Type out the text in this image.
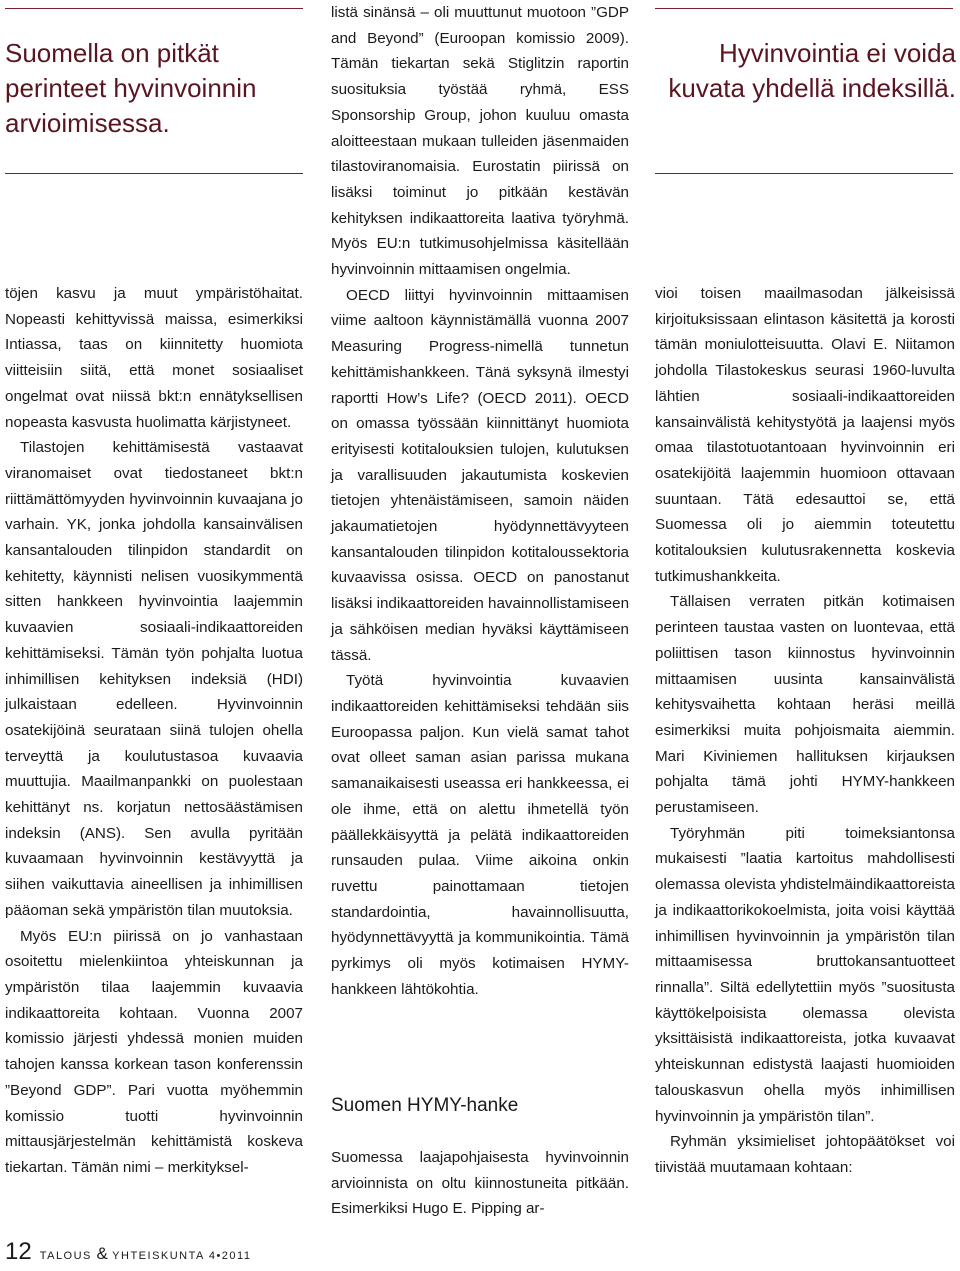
Suomella on pitkät perinteet hyvinvoinnin arvioimisessa.

töjen kasvu ja muut ympäristöhaitat. Nopeasti kehittyvissä maissa, esimerkiksi Intiassa, taas on kiinnitetty huomiota viitteisiin siitä, että monet sosiaaliset ongelmat ovat niissä bkt:n ennätyksellisen nopeasta kasvusta huolimatta kärjistyneet.

Tilastojen kehittämisestä vastaavat viranomaiset ovat tiedostaneet bkt:n riittämättömyyden hyvinvoinnin kuvaajana jo varhain. YK, jonka johdolla kansainvälisen kansantalouden tilinpidon standardit on kehitetty, käynnisti nelisen vuosikymmentä sitten hankkeen hyvinvointia laajemmin kuvaavien sosiaali-indikaattoreiden kehittämiseksi. Tämän työn pohjalta luotua inhimillisen kehityksen indeksiä (HDI) julkaistaan edelleen. Hyvinvoinnin osatekijöinä seurataan siinä tulojen ohella terveyttä ja koulutustasoa kuvaavia muuttujia. Maailmanpankki on puolestaan kehittänyt ns. korjatun nettosäästämisen indeksin (ANS). Sen avulla pyritään kuvaamaan hyvinvoinnin kestävyyttä ja siihen vaikuttavia aineellisen ja inhimillisen pääoman sekä ympäristön tilan muutoksia.

Myös EU:n piirissä on jo vanhastaan osoitettu mielenkiintoa yhteiskunnan ja ympäristön tilaa laajemmin kuvaavia indikaattoreita kohtaan. Vuonna 2007 komissio järjesti yhdessä monien muiden tahojen kanssa korkean tason konferenssin ”Beyond GDP”. Pari vuotta myöhemmin komissio tuotti hyvinvoinnin mittausjärjestelmän kehittämistä koskeva tiekartan. Tämän nimi – merkityksel-

listä sinänsä – oli muuttunut muotoon ”GDP and Beyond” (Euroopan komissio 2009). Tämän tiekartan sekä Stiglitzin raportin suosituksia työstää ryhmä, ESS Sponsorship Group, johon kuuluu omasta aloitteestaan mukaan tulleiden jäsenmaiden tilastoviranomaisia. Eurostatin piirissä on lisäksi toiminut jo pitkään kestävän kehityksen indikaattoreita laativa työryhmä. Myös EU:n tutkimusohjelmissa käsitellään hyvinvoinnin mittaamisen ongelmia.

OECD liittyi hyvinvoinnin mittaamisen viime aaltoon käynnistämällä vuonna 2007 Measuring Progress-nimellä tunnetun kehittämishankkeen. Tänä syksynä ilmestyi raportti How’s Life? (OECD 2011). OECD on omassa työssään kiinnittänyt huomiota erityisesti kotitalouksien tulojen, kulutuksen ja varallisuuden jakautumista koskevien tietojen yhtenäistämiseen, samoin näiden jakaumatietojen hyödynnettävyyteen kansantalouden tilinpidon kotitaloussektoria kuvaavissa osissa. OECD on panostanut lisäksi indikaattoreiden havainnollistamiseen ja sähköisen median hyväksi käyttämiseen tässä.

Työtä hyvinvointia kuvaavien indikaattoreiden kehittämiseksi tehdään siis Euroopassa paljon. Kun vielä samat tahot ovat olleet saman asian parissa mukana samanaikaisesti useassa eri hankkeessa, ei ole ihme, että on alettu ihmetellä työn päällekkäisyyttä ja pelätä indikaattoreiden runsauden pulaa. Viime aikoina onkin ruvettu painottamaan tietojen standardointia, havainnollisuutta, hyödynnettävyyttä ja kommunikointia. Tämä pyrkimys oli myös kotimaisen HYMY-hankkeen lähtökohtia.

Suomen HYMY-hanke

Suomessa laajapohjaisesta hyvinvoinnin arvioinnista on oltu kiinnostuneita pitkään. Esimerkiksi Hugo E. Pipping ar-

Hyvinvointia ei voida kuvata yhdellä indeksillä.

vioi toisen maailmasodan jälkeisissä kirjoituksissaan elintason käsitettä ja korosti tämän moniulotteisuutta. Olavi E. Niitamon johdolla Tilastokeskus seurasi 1960-luvulta lähtien sosiaali-indikaattoreiden kansainvälistä kehitystyötä ja laajensi myös omaa tilastotuotantoaan hyvinvoinnin eri osatekijöitä laajemmin huomioon ottavaan suuntaan. Tätä edesauttoi se, että Suomessa oli jo aiemmin toteutettu kotitalouksien kulutusrakennetta koskevia tutkimushankkeita.

Tällaisen verraten pitkän kotimaisen perinteen taustaa vasten on luontevaa, että poliittisen tason kiinnostus hyvinvoinnin mittaamisen uusinta kansainvälistä kehitysvaihetta kohtaan heräsi meillä esimerkiksi muita pohjoismaita aiemmin. Mari Kiviniemen hallituksen kirjauksen pohjalta tämä johti HYMY-hankkeen perustamiseen.

Työryhmän piti toimeksiantonsa mukaisesti ”laatia kartoitus mahdollisesti olemassa olevista yhdistelmäindikaattoreista ja indikaattorikokoelmista, joita voisi käyttää inhimillisen hyvinvoinnin ja ympäristön tilan mittaamisessa bruttokansantuotteet rinnalla”. Siltä edellytettiin myös ”suositusta käyttökelpoisista olemassa olevista yksittäisistä indikaattoreista, jotka kuvaavat yhteiskunnan edistystä laajasti huomioiden talouskasvun ohella myös inhimillisen hyvinvoinnin ja ympäristön tilan”.

Ryhmän yksimieliset johtopäätökset voi tiivistää muutamaan kohtaan:

12 TALOUS & YHTEISKUNTA 4•2011
